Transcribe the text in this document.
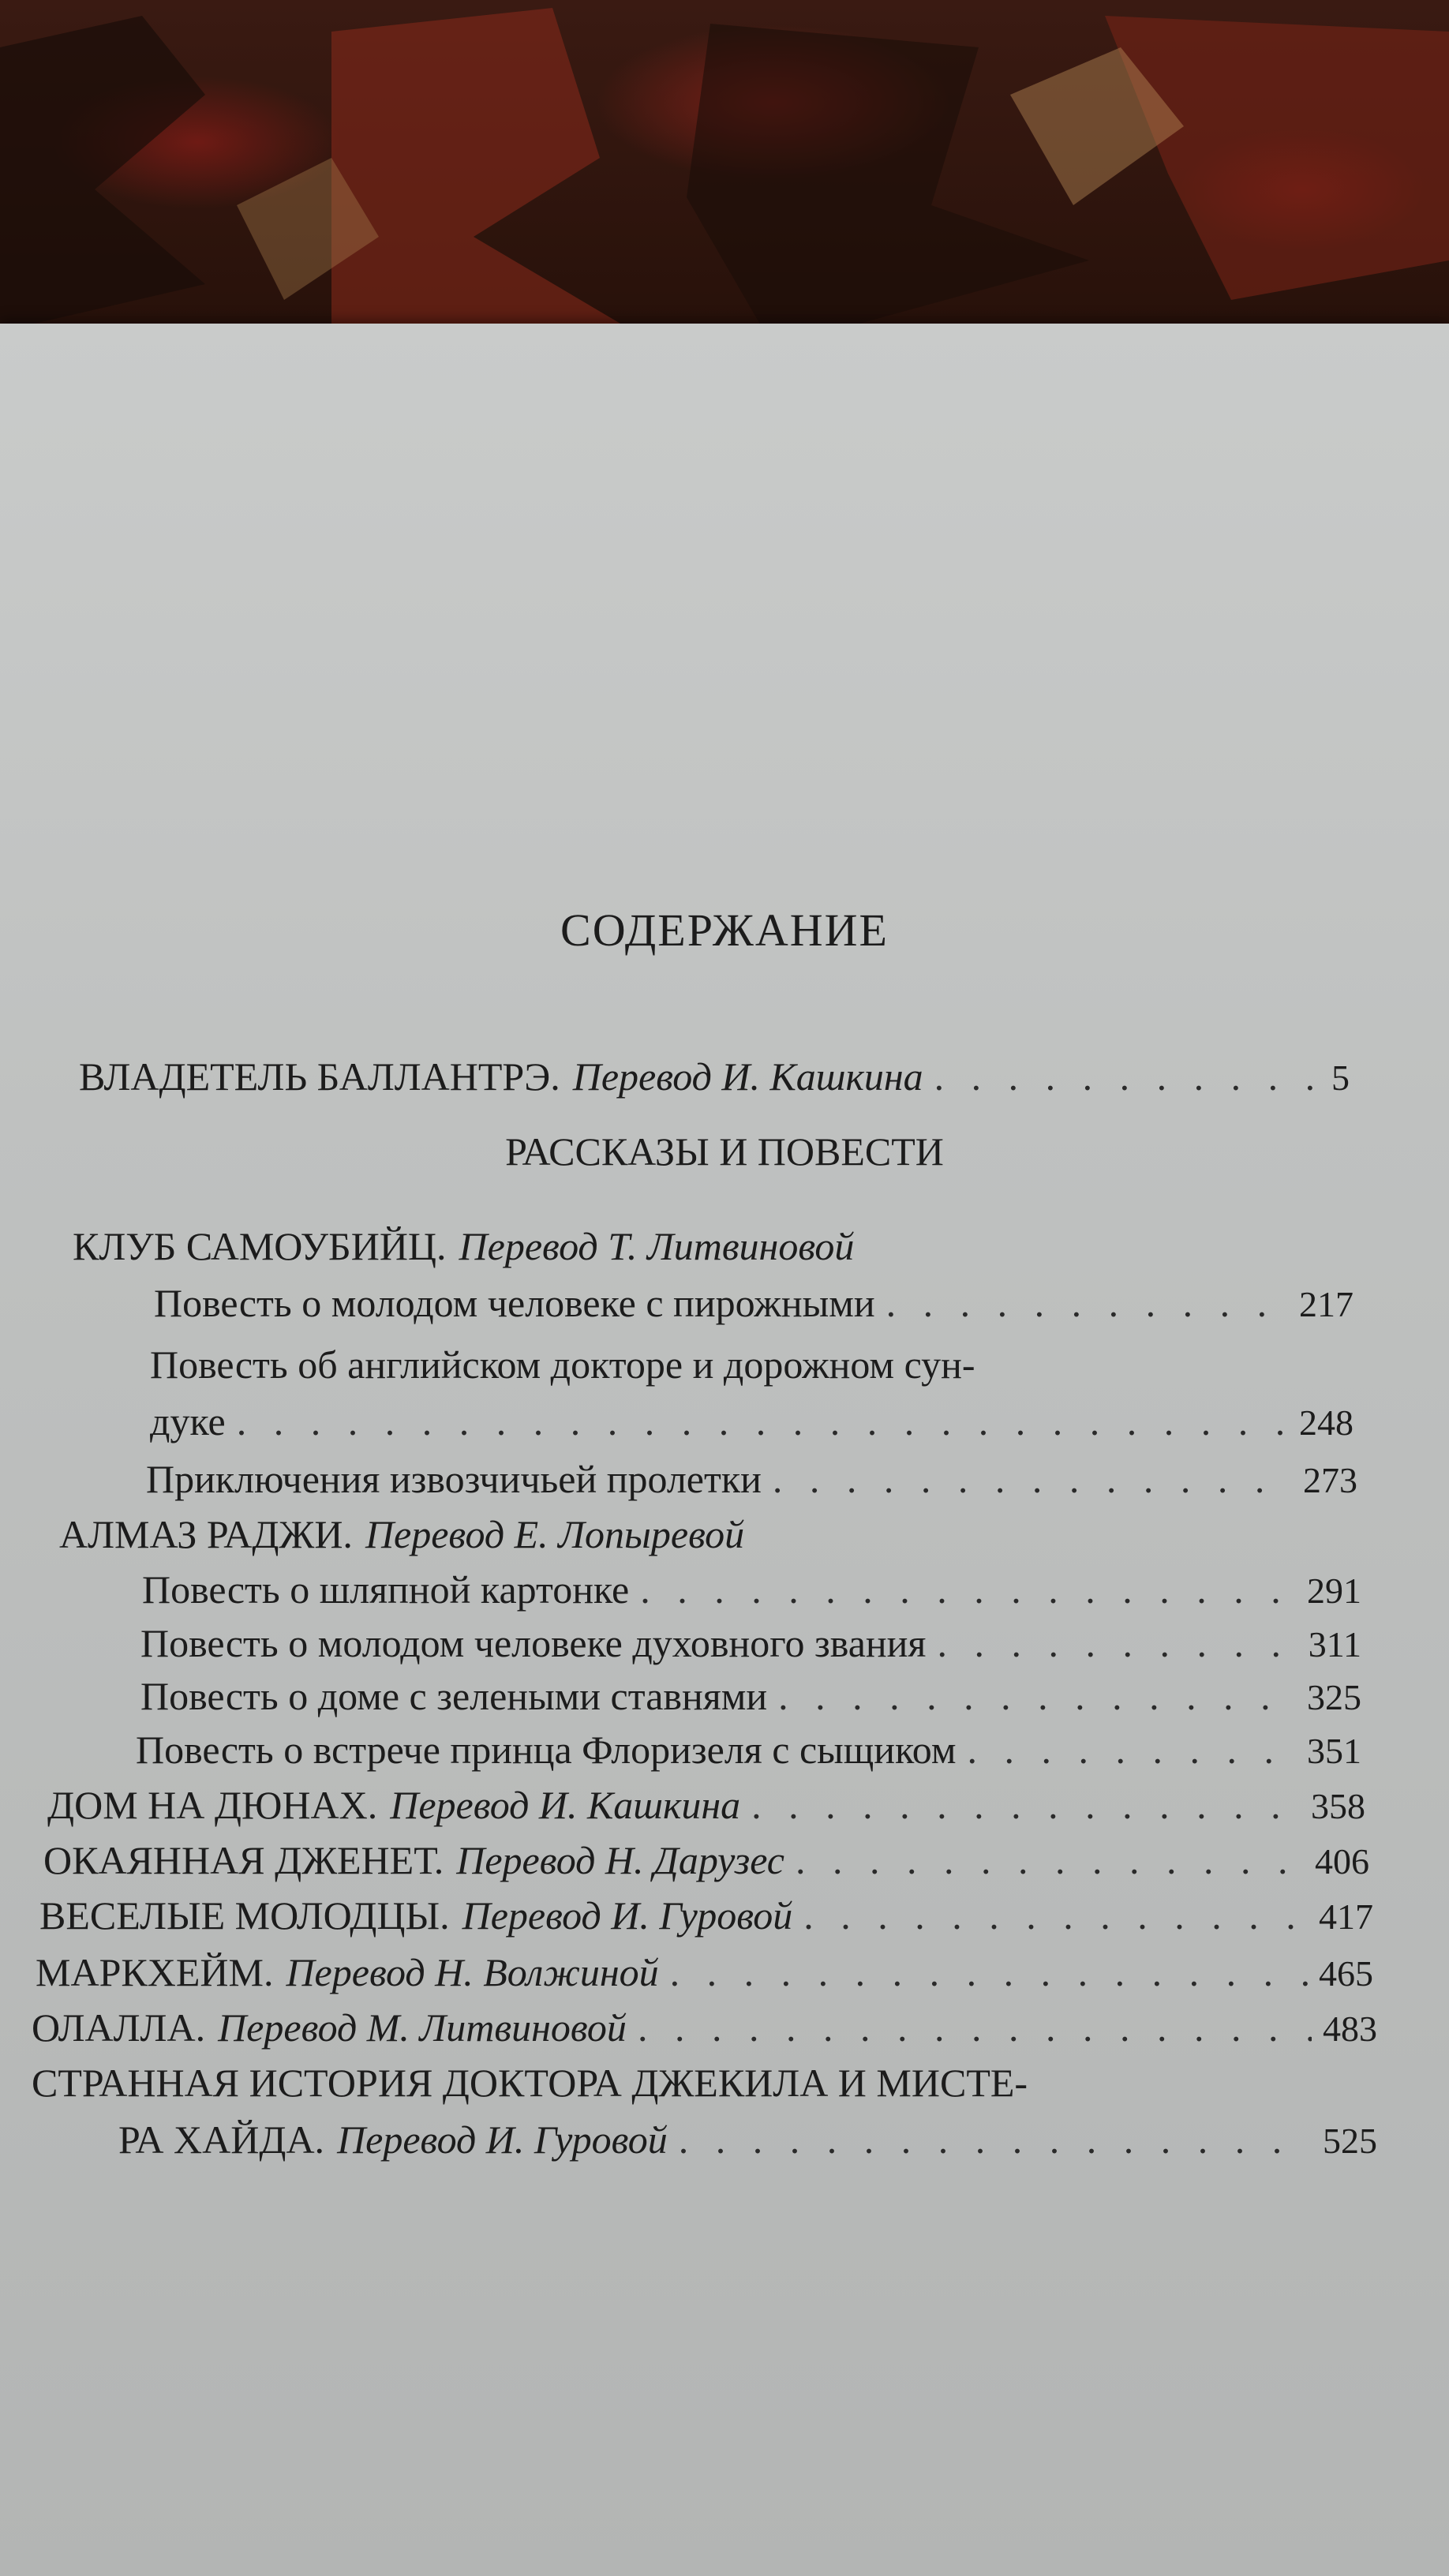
СОДЕРЖАНИЕ
ВЛАДЕТЕЛЬ БАЛЛАНТРЭ. Перевод И. Кашкина . . .	5
РАССКАЗЫ И ПОВЕСТИ
КЛУБ САМОУБИЙЦ. Перевод Т. Литвиновой
Повесть о молодом человеке с пирожными . . .	217
Повесть об английском докторе и дорожном сун-
дуке . . .	248
Приключения извозчичьей пролетки . . .	273
АЛМАЗ РАДЖИ. Перевод Е. Лопыревой
Повесть о шляпной картонке . . .	291
Повесть о молодом человеке духовного звания . . .	311
Повесть о доме с зелеными ставнями . . .	325
Повесть о встрече принца Флоризеля с сыщиком . . .	351
ДОМ НА ДЮНАХ. Перевод И. Кашкина . . .	358
ОКАЯННАЯ ДЖЕНЕТ. Перевод Н. Дарузес . . .	406
ВЕСЕЛЫЕ МОЛОДЦЫ. Перевод И. Гуровой . . .	417
МАРКХЕЙМ. Перевод Н. Волжиной . . .	465
ОЛАЛЛА. Перевод М. Литвиновой . . .	483
СТРАННАЯ ИСТОРИЯ ДОКТОРА ДЖЕКИЛА И МИСТЕ-
РА ХАЙДА. Перевод И. Гуровой . . .	525
